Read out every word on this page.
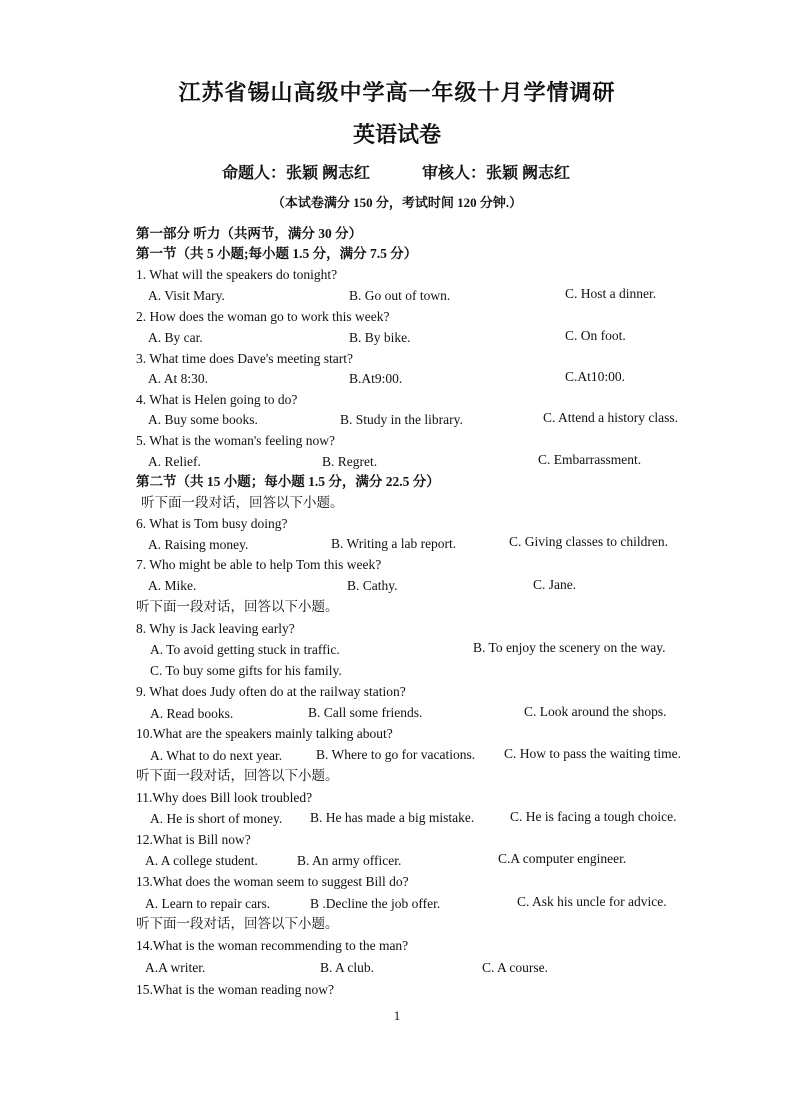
江苏省锡山高级中学高一年级十月学情调研
英语试卷
命题人：张颖 阙志红	审核人：张颖 阙志红
（本试卷满分 150 分，考试时间 120 分钟.）
第一部分 听力（共两节，满分 30 分）
第一节（共 5 小题;每小题 1.5 分，满分 7.5 分）
1. What will the speakers do tonight?
A. Visit Mary.	B. Go out of town.	C. Host a dinner.
2. How does the woman go to work this week?
A. By car.	B. By bike.	C. On foot.
3. What time does Dave's meeting start?
A. At 8:30.	B.At9:00.	C.At10:00.
4. What is Helen going to do?
A. Buy some books.	B. Study in the library.	C. Attend a history class.
5. What is the woman's feeling now?
A. Relief.	B. Regret.	C. Embarrassment.
第二节（共 15 小题；每小题 1.5 分，满分 22.5 分）
听下面一段对话，回答以下小题。
6. What is Tom busy doing?
A. Raising money.	B. Writing a lab report.	C. Giving classes to children.
7. Who might be able to help Tom this week?
A. Mike.	B. Cathy.	C. Jane.
听下面一段对话，回答以下小题。
8. Why is Jack leaving early?
A. To avoid getting stuck in traffic.	B. To enjoy the scenery on the way.
C. To buy some gifts for his family.
9. What does Judy often do at the railway station?
A. Read books.	B. Call some friends.	C. Look around the shops.
10.What are the speakers mainly talking about?
A. What to do next year.	B. Where to go for vacations. C. How to pass the waiting time.
听下面一段对话，回答以下小题。
11.Why does Bill look troubled?
A. He is short of money. B. He has made a big mistake.	C. He is facing a tough choice.
12.What is Bill now?
A. A college student.	B. An army officer.	C.A computer engineer.
13.What does the woman seem to suggest Bill do?
A. Learn to repair cars.	B .Decline the job offer.	C. Ask his uncle for advice.
听下面一段对话，回答以下小题。
14.What is the woman recommending to the man?
A.A writer.	B. A club.	C. A course.
15.What is the woman reading now?
1
